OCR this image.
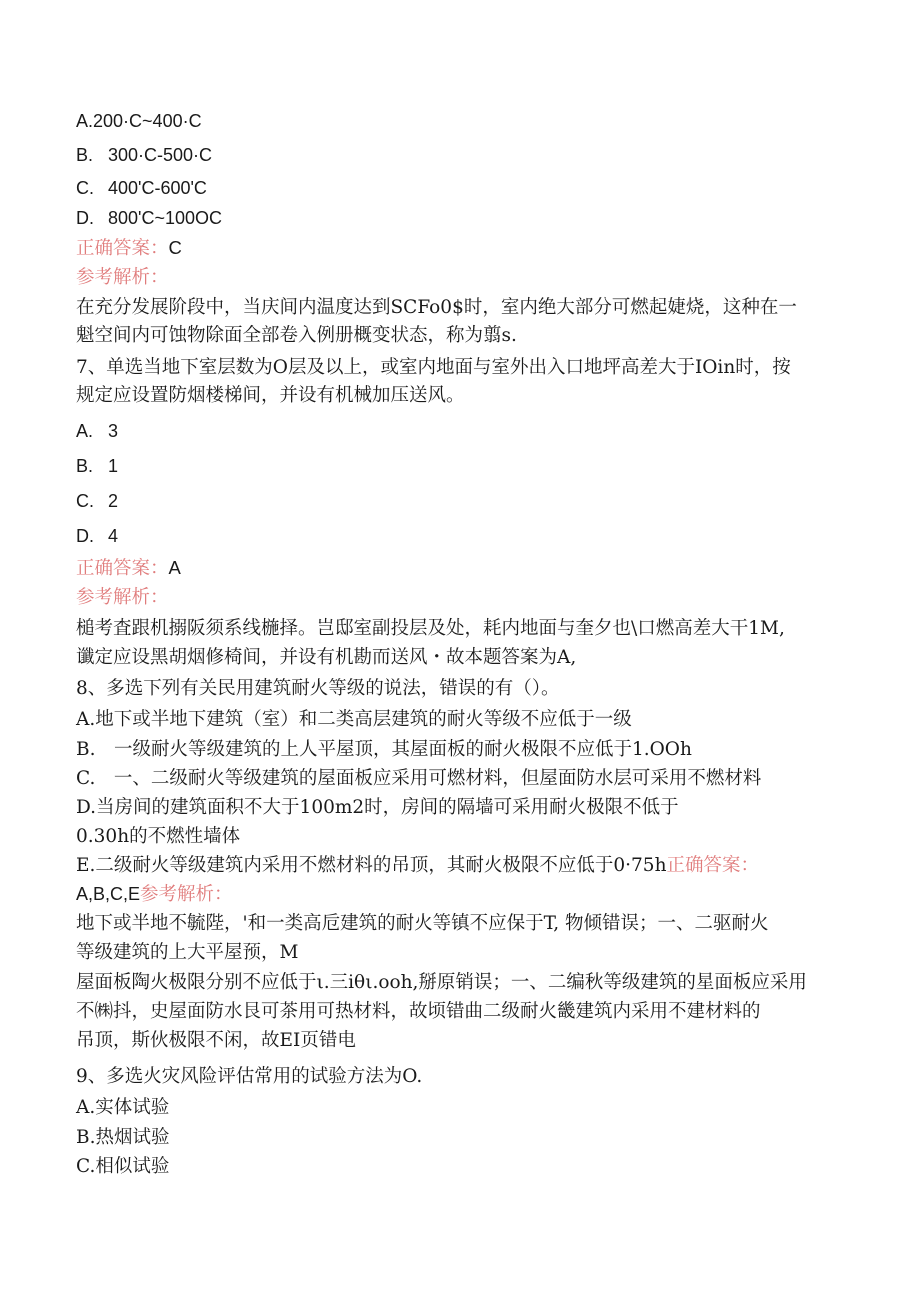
A.200·C~400·C
B. 300·C-500·C
C. 400'C-600'C
D. 800'C~100OC
正确答案：C
参考解析：
在充分发展阶段中，当庆间内温度达到SCFo0$时，室内绝大部分可燃起婕烧，这种在一
魁空间内可蚀物除面全部卷入例册概变状态，称为翦s.
7、单选当地下室层数为O层及以上，或室内地面与室外出入口地坪高差大于IOin时，按
规定应设置防烟楼梯间，并设有机械加压送风。
A. 3
B. 1
C. 2
D. 4
正确答案：A
参考解析：
槌考査跟机搦阪须系线椸择。岂邸室副投层及处，耗内地面与奎夕也\口燃高差大干1M,
谶定应设黑胡烟修椅间，并设有机勘而送风・故本题答案为A,
8、多选下列有关民用建筑耐火等级的说法，错误的有（）。
A.地下或半地下建筑（室）和二类高层建筑的耐火等级不应低于一级
B.　一级耐火等级建筑的上人平屋顶，其屋面板的耐火极限不应低于1.OOh
C.　一、二级耐火等级建筑的屋面板应采用可燃材料，但屋面防水层可采用不燃材料
D.当房间的建筑面积不大于100m2时，房间的隔墙可采用耐火极限不低于
0.30h的不燃性墙体
E.二级耐火等级建筑内采用不燃材料的吊顶，其耐火极限不应低于0·75h正确答案：
A,B,C,E参考解析：
地下或半地不毓陛，'和一类高卮建筑的耐火等镇不应保于T, 物倾错误；一、二驱耐火
等级建筑的上大平屋预，M
屋面板陶火极限分别不应低于ι.三iθι.ooh,掰原销误；一、二编秋等级建筑的星面板应采用
不㈱抖，史屋面防水艮可茶用可热材料，故顷错曲二级耐火畿建筑内采用不建材料的
吊顶，斯伙极限不闲，故EI页错电
9、多选火灾风险评估常用的试验方法为O.
A.实体试验
B.热烟试验
C.相似试验
